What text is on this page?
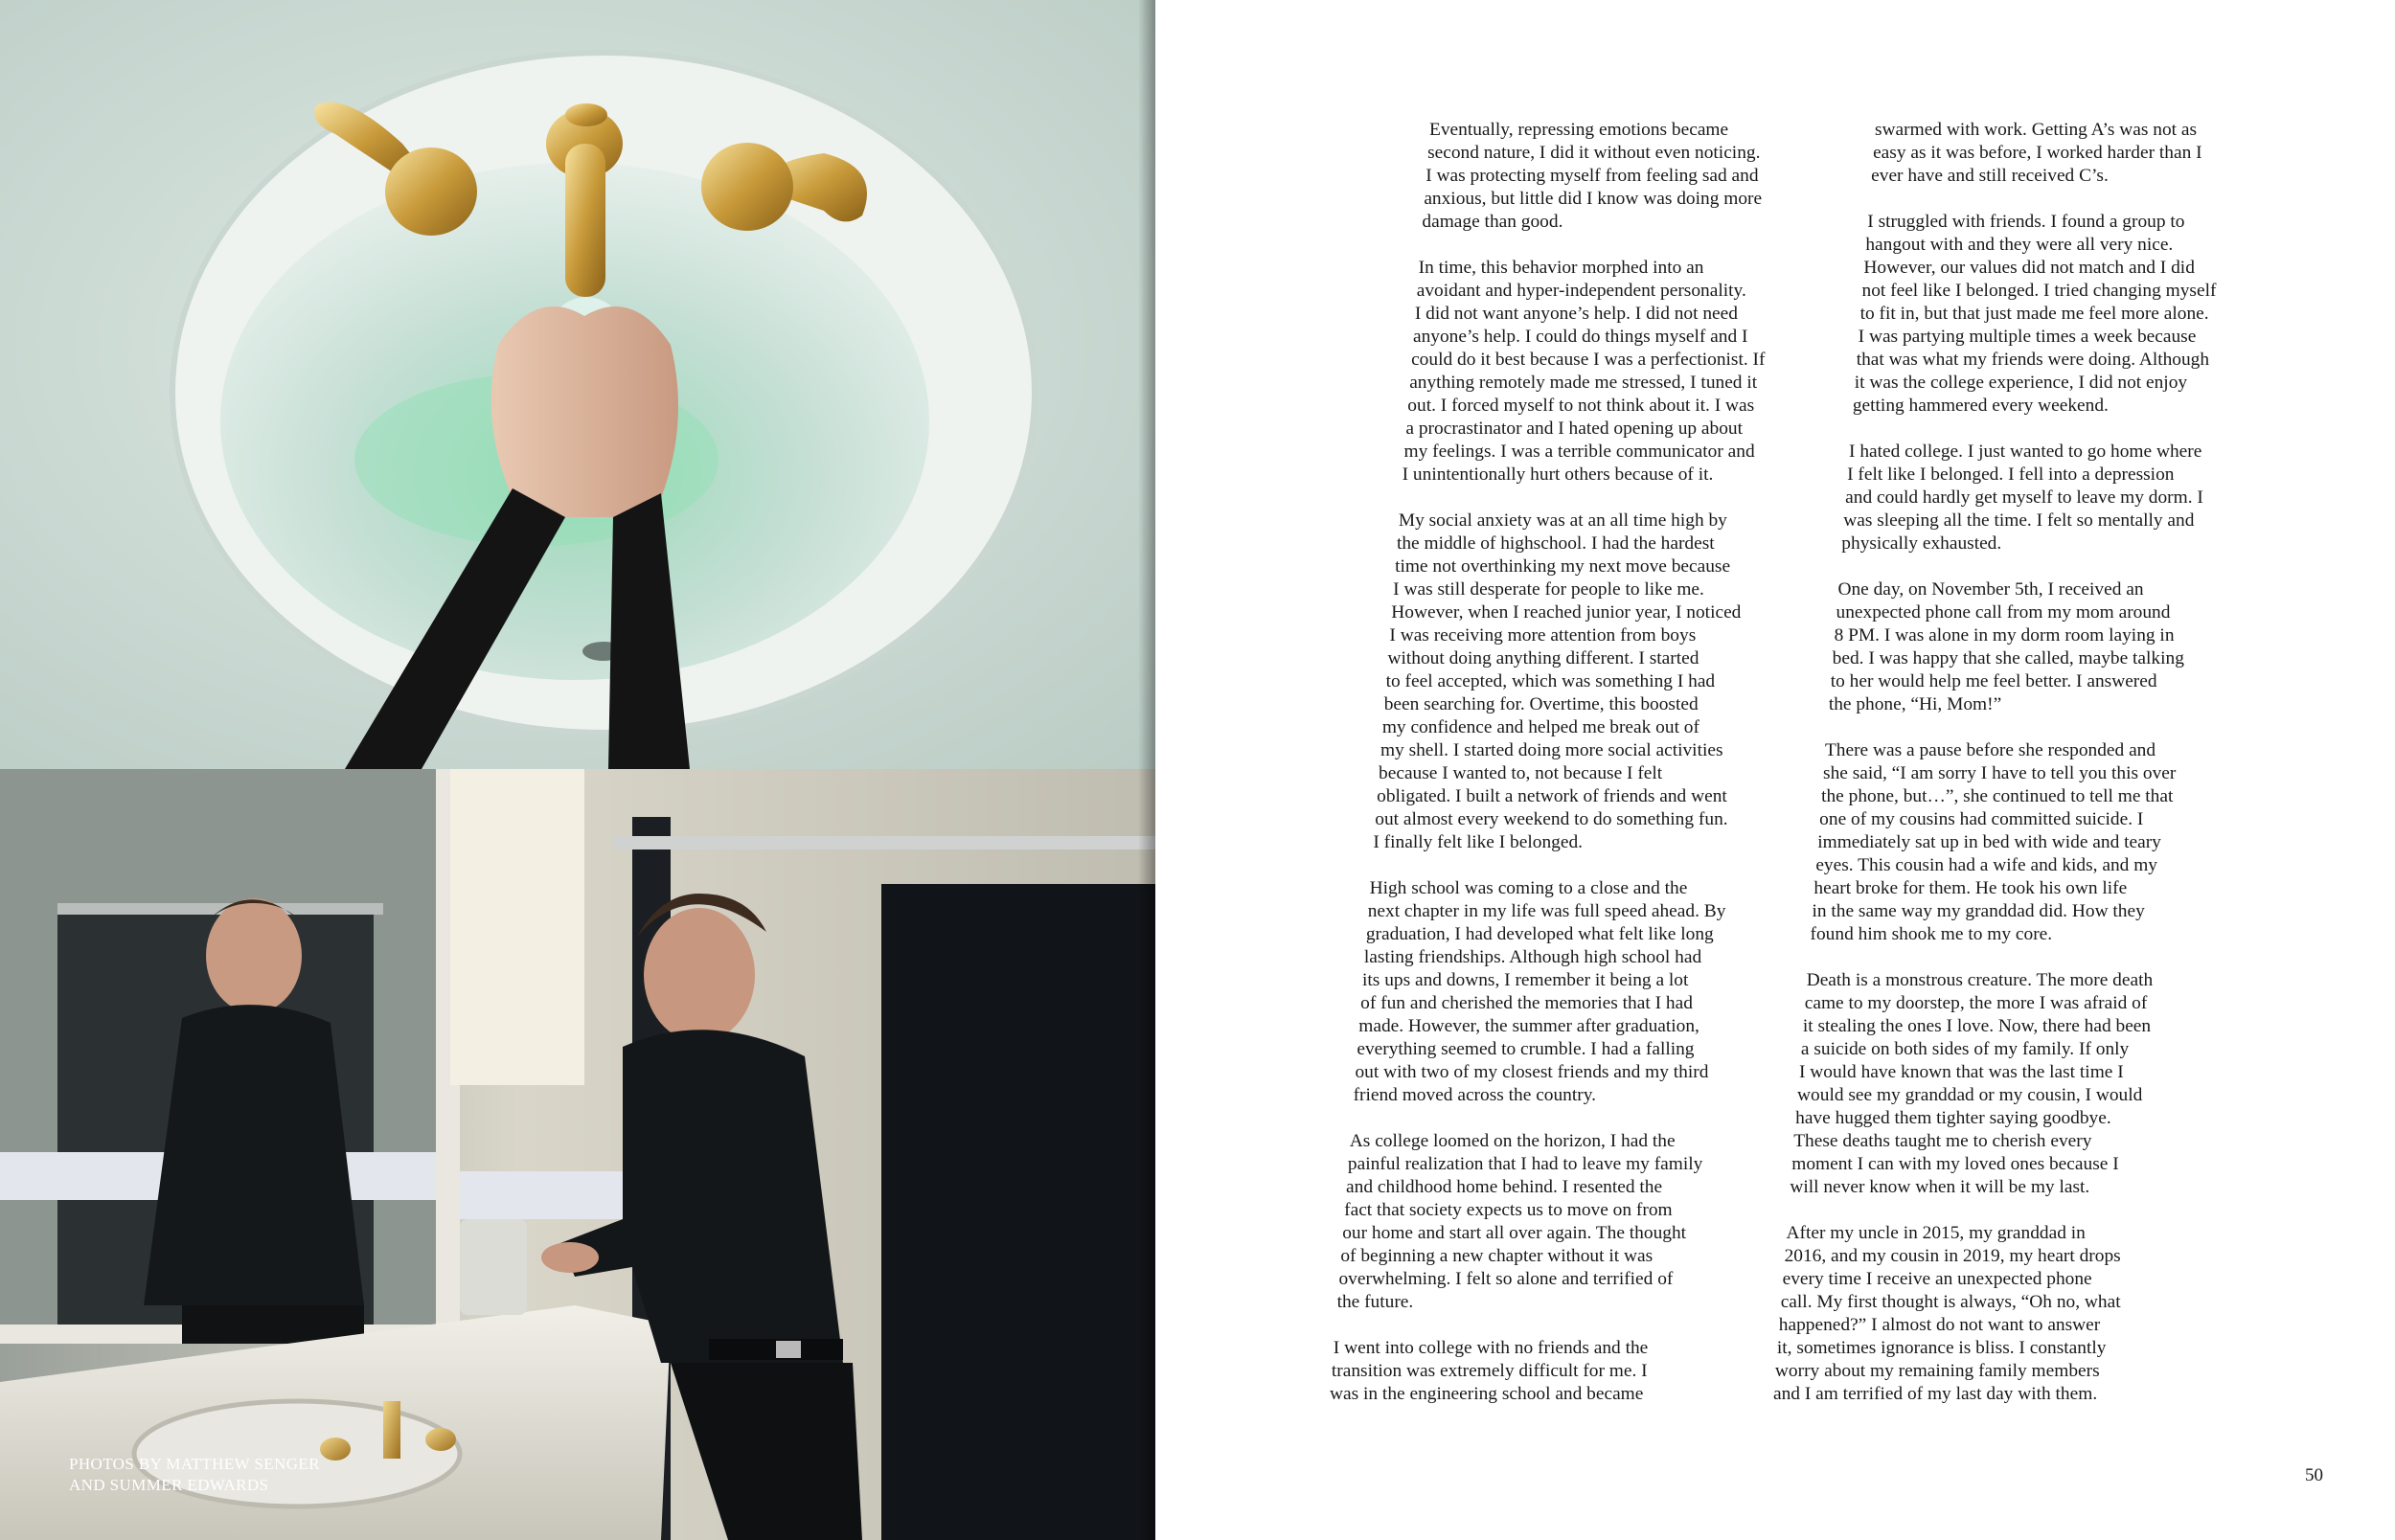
PHOTOS BY MATTHEW SENGER
AND SUMMER EDWARDS
Eventually, repressing emotions became
second nature, I did it without even noticing.
I was protecting myself from feeling sad and
anxious, but little did I know was doing more
damage than good.
In time, this behavior morphed into an
avoidant and hyper-independent personality.
I did not want anyone’s help. I did not need
anyone’s help. I could do things myself and I
could do it best because I was a perfectionist. If
anything remotely made me stressed, I tuned it
out. I forced myself to not think about it. I was
a procrastinator and I hated opening up about
my feelings. I was a terrible communicator and
I unintentionally hurt others because of it.
My social anxiety was at an all time high by
the middle of highschool. I had the hardest
time not overthinking my next move because
I was still desperate for people to like me.
However, when I reached junior year, I noticed
I was receiving more attention from boys
without doing anything different. I started
to feel accepted, which was something I had
been searching for. Overtime, this boosted
my confidence and helped me break out of
my shell. I started doing more social activities
because I wanted to, not because I felt
obligated. I built a network of friends and went
out almost every weekend to do something fun.
I finally felt like I belonged.
High school was coming to a close and the
next chapter in my life was full speed ahead. By
graduation, I had developed what felt like long
lasting friendships. Although high school had
its ups and downs, I remember it being a lot
of fun and cherished the memories that I had
made. However, the summer after graduation,
everything seemed to crumble. I had a falling
out with two of my closest friends and my third
friend moved across the country.
As college loomed on the horizon, I had the
painful realization that I had to leave my family
and childhood home behind. I resented the
fact that society expects us to move on from
our home and start all over again. The thought
of beginning a new chapter without it was
overwhelming. I felt so alone and terrified of
the future.
I went into college with no friends and the
transition was extremely difficult for me. I
was in the engineering school and became
swarmed with work. Getting A’s was not as
easy as it was before, I worked harder than I
ever have and still received C’s.
I struggled with friends. I found a group to
hangout with and they were all very nice.
However, our values did not match and I did
not feel like I belonged. I tried changing myself
to fit in, but that just made me feel more alone.
I was partying multiple times a week because
that was what my friends were doing. Although
it was the college experience, I did not enjoy
getting hammered every weekend.
I hated college. I just wanted to go home where
I felt like I belonged. I fell into a depression
and could hardly get myself to leave my dorm. I
was sleeping all the time. I felt so mentally and
physically exhausted.
One day, on November 5th, I received an
unexpected phone call from my mom around
8 PM. I was alone in my dorm room laying in
bed. I was happy that she called, maybe talking
to her would help me feel better. I answered
the phone, “Hi, Mom!”
There was a pause before she responded and
she said, “I am sorry I have to tell you this over
the phone, but…”, she continued to tell me that
one of my cousins had committed suicide. I
immediately sat up in bed with wide and teary
eyes. This cousin had a wife and kids, and my
heart broke for them. He took his own life
in the same way my granddad did. How they
found him shook me to my core.
Death is a monstrous creature. The more death
came to my doorstep, the more I was afraid of
it stealing the ones I love. Now, there had been
a suicide on both sides of my family. If only
I would have known that was the last time I
would see my granddad or my cousin, I would
have hugged them tighter saying goodbye.
These deaths taught me to cherish every
moment I can with my loved ones because I
will never know when it will be my last.
After my uncle in 2015, my granddad in
2016, and my cousin in 2019, my heart drops
every time I receive an unexpected phone
call. My first thought is always, “Oh no, what
happened?” I almost do not want to answer
it, sometimes ignorance is bliss. I constantly
worry about my remaining family members
and I am terrified of my last day with them.
50
